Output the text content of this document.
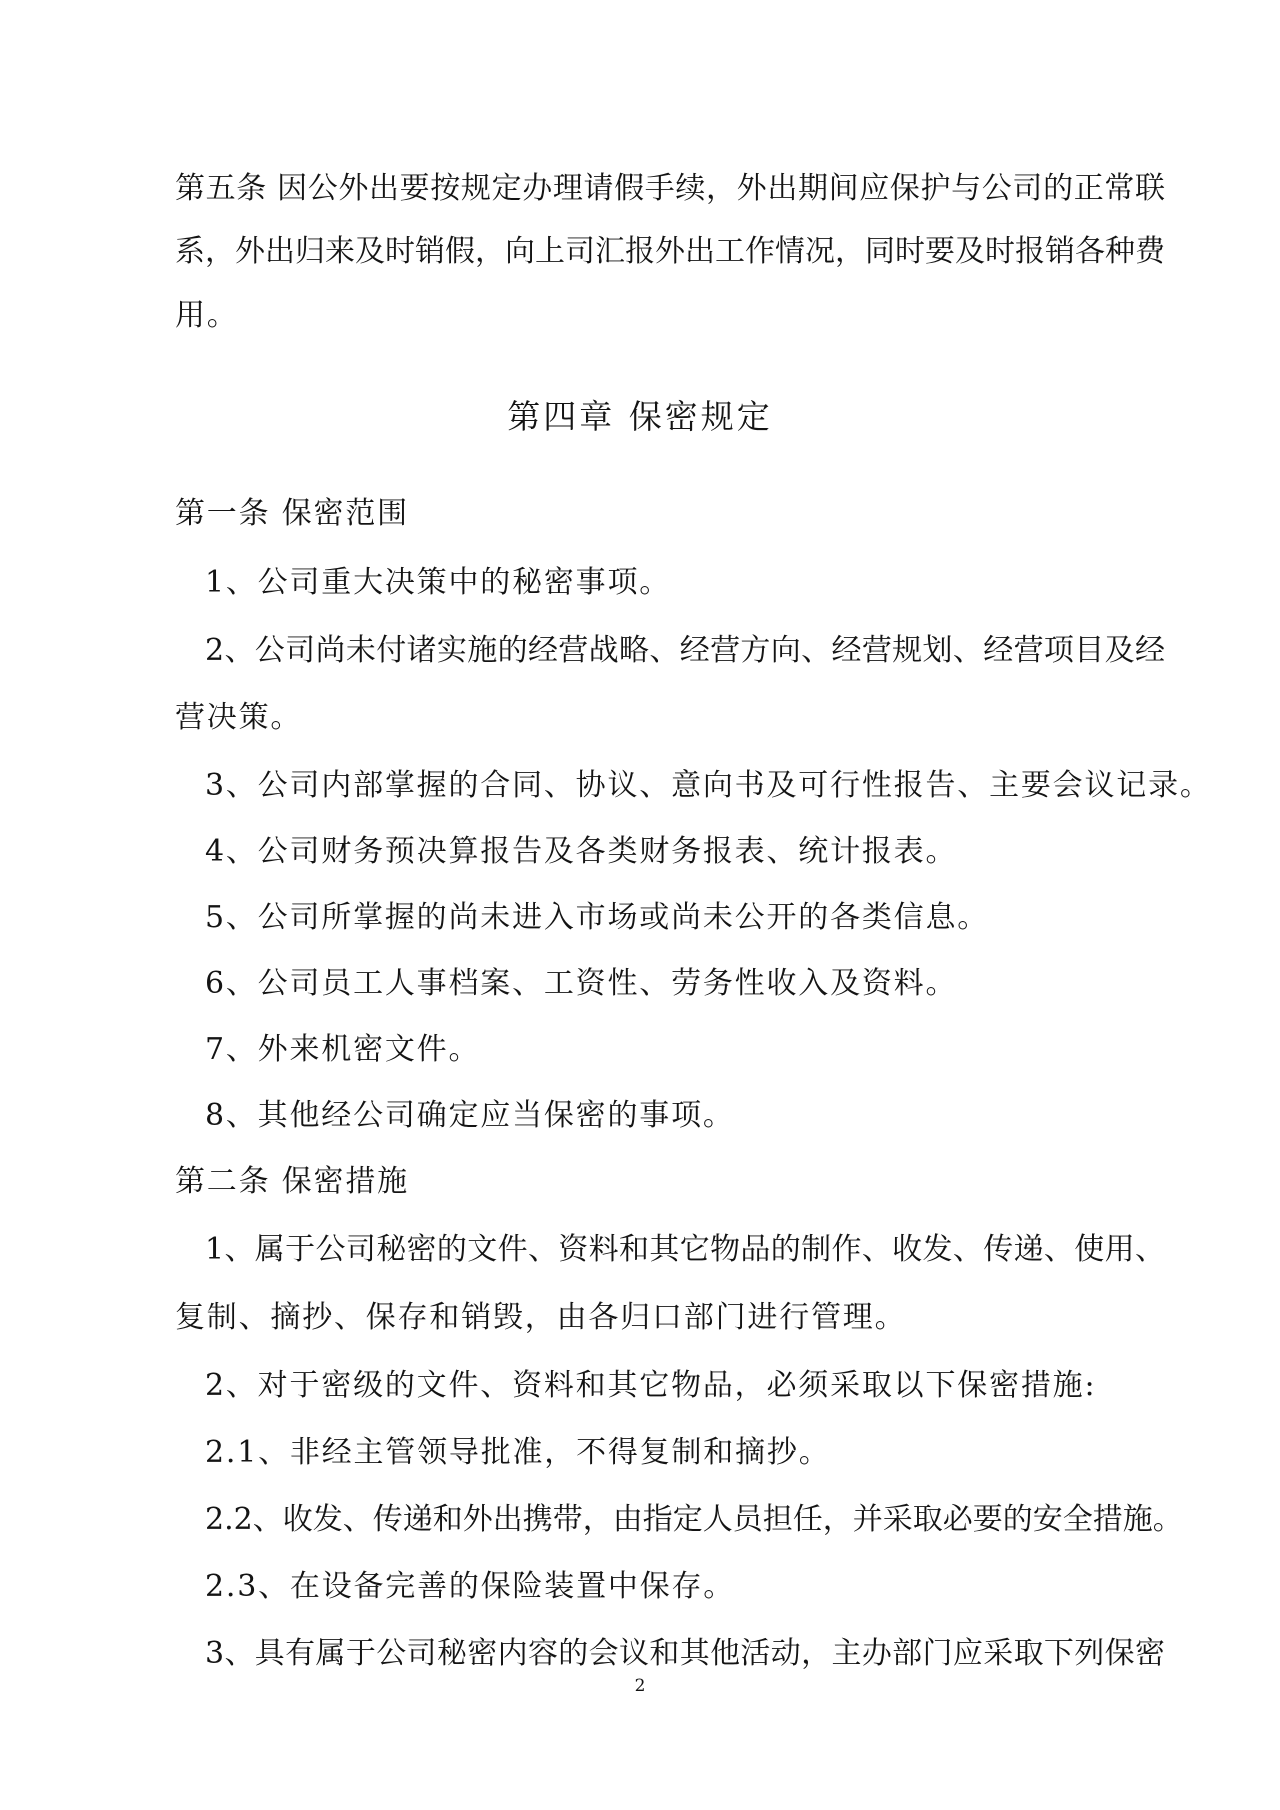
第五条 因公外出要按规定办理请假手续，外出期间应保护与公司的正常联
系，外出归来及时销假，向上司汇报外出工作情况，同时要及时报销各种费
用。
第四章 保密规定
第一条 保密范围
1、公司重大决策中的秘密事项。
2、公司尚未付诸实施的经营战略、经营方向、经营规划、经营项目及经
营决策。
3、公司内部掌握的合同、协议、意向书及可行性报告、主要会议记录。
4、公司财务预决算报告及各类财务报表、统计报表。
5、公司所掌握的尚未进入市场或尚未公开的各类信息。
6、公司员工人事档案、工资性、劳务性收入及资料。
7、外来机密文件。
8、其他经公司确定应当保密的事项。
第二条 保密措施
1、属于公司秘密的文件、资料和其它物品的制作、收发、传递、使用、
复制、摘抄、保存和销毁，由各归口部门进行管理。
2、对于密级的文件、资料和其它物品，必须采取以下保密措施:
2.1、非经主管领导批准，不得复制和摘抄。
2.2、收发、传递和外出携带，由指定人员担任，并采取必要的安全措施。
2.3、在设备完善的保险装置中保存。
3、具有属于公司秘密内容的会议和其他活动，主办部门应采取下列保密
2
